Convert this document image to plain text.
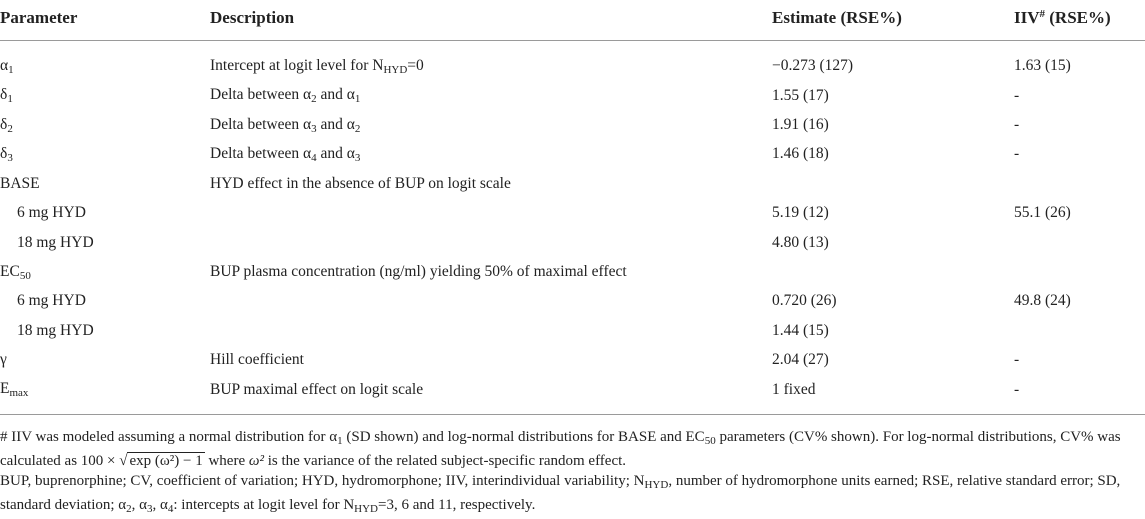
Parameter	Description	Estimate (RSE%)	IIV# (RSE%)
α1	Intercept at logit level for NHYD=0	−0.273 (127)	1.63 (15)
δ1	Delta between α2 and α1	1.55 (17)	-
δ2	Delta between α3 and α2	1.91 (16)	-
δ3	Delta between α4 and α3	1.46 (18)	-
BASE	HYD effect in the absence of BUP on logit scale		
6 mg HYD		5.19 (12)	55.1 (26)
18 mg HYD		4.80 (13)	
EC50	BUP plasma concentration (ng/ml) yielding 50% of maximal effect		
6 mg HYD		0.720 (26)	49.8 (24)
18 mg HYD		1.44 (15)	
γ	Hill coefficient	2.04 (27)	-
Emax	BUP maximal effect on logit scale	1 fixed	-

# IIV was modeled assuming a normal distribution for $\alpha_1$ (SD shown) and log-normal distributions for BASE and $EC_{50}$ parameters (CV% shown). For log-normal distributions, CV% was calculated as 100 × √ exp (ω²) − 1 where ω² is the variance of the related subject-specific random effect.

BUP, buprenorphine; CV, coefficient of variation; HYD, hydromorphone; IIV, interindividual variability; $N_{HYD}$, number of hydromorphone units earned; RSE, relative standard error; SD, standard deviation; $\alpha_2$, $\alpha_3$, $\alpha_4$: intercepts at logit level for $N_{HYD}=3$, 6 and 11, respectively.
